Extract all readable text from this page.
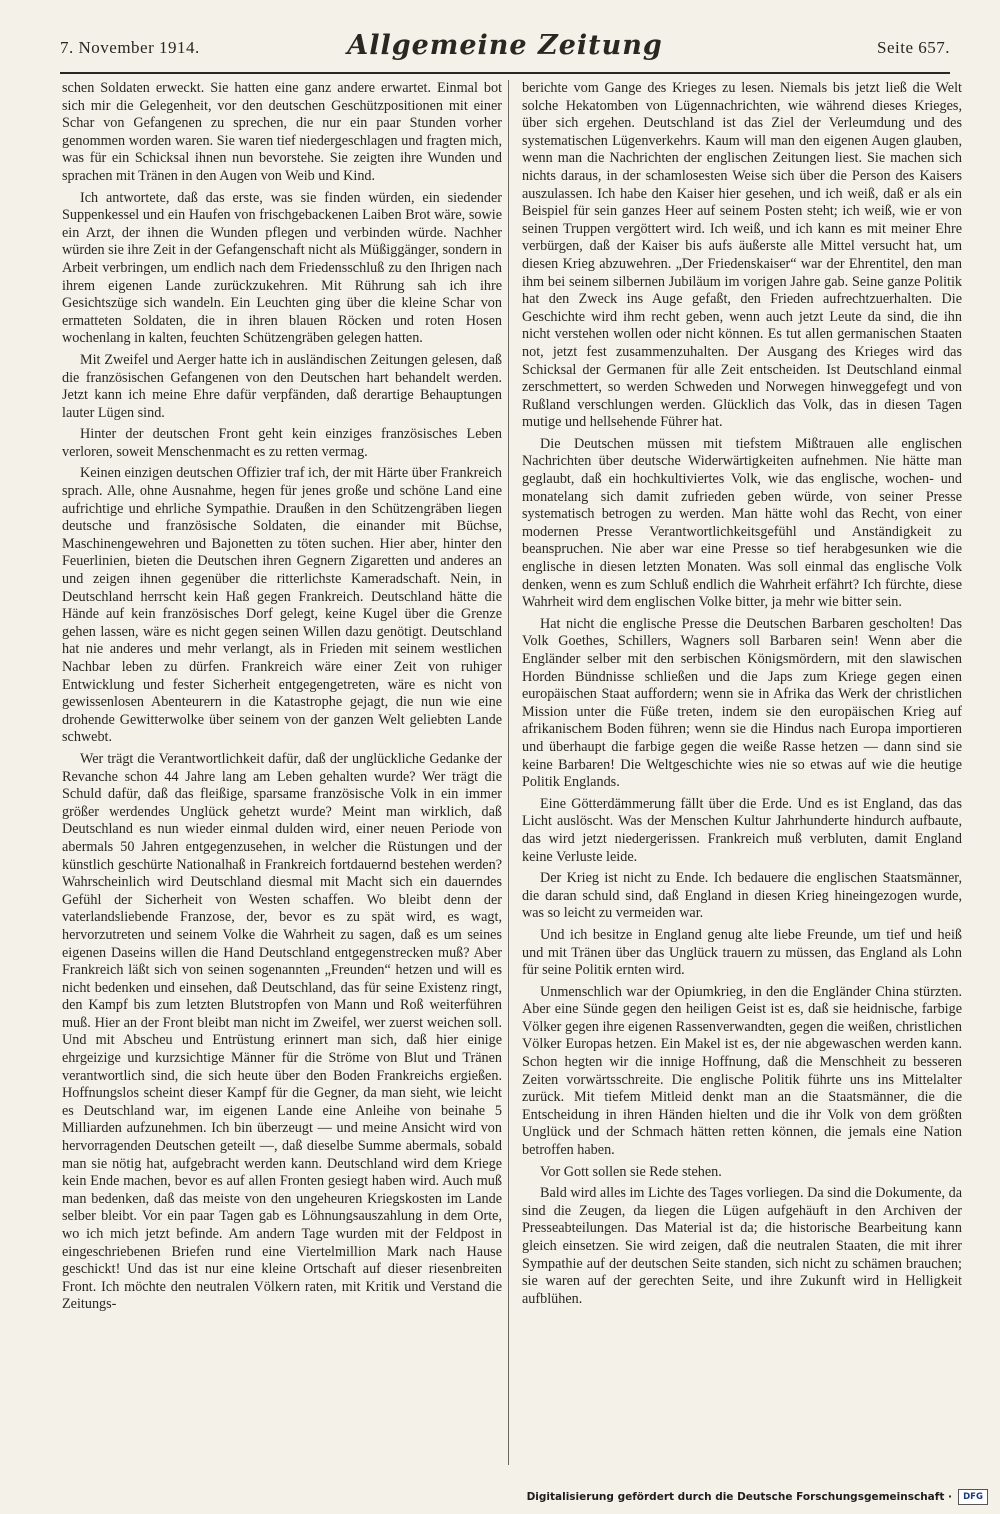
7. November 1914.	Allgemeine Zeitung	Seite 657.

schen Soldaten erweckt. Sie hatten eine ganz andere erwartet. Einmal bot sich mir die Gelegenheit, vor den deutschen Geschützpositionen mit einer Schar von Gefangenen zu sprechen, die nur ein paar Stunden vorher genommen worden waren. Sie waren tief niedergeschlagen und fragten mich, was für ein Schicksal ihnen nun bevorstehe. Sie zeigten ihre Wunden und sprachen mit Tränen in den Augen von Weib und Kind.

Ich antwortete, daß das erste, was sie finden würden, ein siedender Suppenkessel und ein Haufen von frischgebackenen Laiben Brot wäre, sowie ein Arzt, der ihnen die Wunden pflegen und verbinden würde. Nachher würden sie ihre Zeit in der Gefangenschaft nicht als Müßiggänger, sondern in Arbeit verbringen, um endlich nach dem Friedensschluß zu den Ihrigen nach ihrem eigenen Lande zurückzukehren. Mit Rührung sah ich ihre Gesichtszüge sich wandeln. Ein Leuchten ging über die kleine Schar von ermatteten Soldaten, die in ihren blauen Röcken und roten Hosen wochenlang in kalten, feuchten Schützengräben gelegen hatten.

Mit Zweifel und Aerger hatte ich in ausländischen Zeitungen gelesen, daß die französischen Gefangenen von den Deutschen hart behandelt werden. Jetzt kann ich meine Ehre dafür verpfänden, daß derartige Behauptungen lauter Lügen sind.

Hinter der deutschen Front geht kein einziges französisches Leben verloren, soweit Menschenmacht es zu retten vermag.

Keinen einzigen deutschen Offizier traf ich, der mit Härte über Frankreich sprach. Alle, ohne Ausnahme, hegen für jenes große und schöne Land eine aufrichtige und ehrliche Sympathie. Draußen in den Schützengräben liegen deutsche und französische Soldaten, die einander mit Büchse, Maschinengewehren und Bajonetten zu töten suchen. Hier aber, hinter den Feuerlinien, bieten die Deutschen ihren Gegnern Zigaretten und anderes an und zeigen ihnen gegenüber die ritterlichste Kameradschaft. Nein, in Deutschland herrscht kein Haß gegen Frankreich. Deutschland hätte die Hände auf kein französisches Dorf gelegt, keine Kugel über die Grenze gehen lassen, wäre es nicht gegen seinen Willen dazu genötigt. Deutschland hat nie anderes und mehr verlangt, als in Frieden mit seinem westlichen Nachbar leben zu dürfen. Frankreich wäre einer Zeit von ruhiger Entwicklung und fester Sicherheit entgegengetreten, wäre es nicht von gewissenlosen Abenteurern in die Katastrophe gejagt, die nun wie eine drohende Gewitterwolke über seinem von der ganzen Welt geliebten Lande schwebt.

Wer trägt die Verantwortlichkeit dafür, daß der unglückliche Gedanke der Revanche schon 44 Jahre lang am Leben gehalten wurde? Wer trägt die Schuld dafür, daß das fleißige, sparsame französische Volk in ein immer größer werdendes Unglück gehetzt wurde? Meint man wirklich, daß Deutschland es nun wieder einmal dulden wird, einer neuen Periode von abermals 50 Jahren entgegenzusehen, in welcher die Rüstungen und der künstlich geschürte Nationalhaß in Frankreich fortdauernd bestehen werden? Wahrscheinlich wird Deutschland diesmal mit Macht sich ein dauerndes Gefühl der Sicherheit von Westen schaffen. Wo bleibt denn der vaterlandsliebende Franzose, der, bevor es zu spät wird, es wagt, hervorzutreten und seinem Volke die Wahrheit zu sagen, daß es um seines eigenen Daseins willen die Hand Deutschland entgegenstrecken muß? Aber Frankreich läßt sich von seinen sogenannten „Freunden“ hetzen und will es nicht bedenken und einsehen, daß Deutschland, das für seine Existenz ringt, den Kampf bis zum letzten Blutstropfen von Mann und Roß weiterführen muß. Hier an der Front bleibt man nicht im Zweifel, wer zuerst weichen soll. Und mit Abscheu und Entrüstung erinnert man sich, daß hier einige ehrgeizige und kurzsichtige Männer für die Ströme von Blut und Tränen verantwortlich sind, die sich heute über den Boden Frankreichs ergießen. Hoffnungslos scheint dieser Kampf für die Gegner, da man sieht, wie leicht es Deutschland war, im eigenen Lande eine Anleihe von beinahe 5 Milliarden aufzunehmen. Ich bin überzeugt — und meine Ansicht wird von hervorragenden Deutschen geteilt —, daß dieselbe Summe abermals, sobald man sie nötig hat, aufgebracht werden kann. Deutschland wird dem Kriege kein Ende machen, bevor es auf allen Fronten gesiegt haben wird. Auch muß man bedenken, daß das meiste von den ungeheuren Kriegskosten im Lande selber bleibt. Vor ein paar Tagen gab es Löhnungsauszahlung in dem Orte, wo ich mich jetzt befinde. Am andern Tage wurden mit der Feldpost in eingeschriebenen Briefen rund eine Viertelmillion Mark nach Hause geschickt! Und das ist nur eine kleine Ortschaft auf dieser riesenbreiten Front. Ich möchte den neutralen Völkern raten, mit Kritik und Verstand die Zeitungs-

berichte vom Gange des Krieges zu lesen. Niemals bis jetzt ließ die Welt solche Hekatomben von Lügennachrichten, wie während dieses Krieges, über sich ergehen. Deutschland ist das Ziel der Verleumdung und des systematischen Lügenverkehrs. Kaum will man den eigenen Augen glauben, wenn man die Nachrichten der englischen Zeitungen liest. Sie machen sich nichts daraus, in der schamlosesten Weise sich über die Person des Kaisers auszulassen. Ich habe den Kaiser hier gesehen, und ich weiß, daß er als ein Beispiel für sein ganzes Heer auf seinem Posten steht; ich weiß, wie er von seinen Truppen vergöttert wird. Ich weiß, und ich kann es mit meiner Ehre verbürgen, daß der Kaiser bis aufs äußerste alle Mittel versucht hat, um diesen Krieg abzuwehren. „Der Friedenskaiser“ war der Ehrentitel, den man ihm bei seinem silbernen Jubiläum im vorigen Jahre gab. Seine ganze Politik hat den Zweck ins Auge gefaßt, den Frieden aufrechtzuerhalten. Die Geschichte wird ihm recht geben, wenn auch jetzt Leute da sind, die ihn nicht verstehen wollen oder nicht können. Es tut allen germanischen Staaten not, jetzt fest zusammenzuhalten. Der Ausgang des Krieges wird das Schicksal der Germanen für alle Zeit entscheiden. Ist Deutschland einmal zerschmettert, so werden Schweden und Norwegen hinweggefegt und von Rußland verschlungen werden. Glücklich das Volk, das in diesen Tagen mutige und hellsehende Führer hat.

Die Deutschen müssen mit tiefstem Mißtrauen alle englischen Nachrichten über deutsche Widerwärtigkeiten aufnehmen. Nie hätte man geglaubt, daß ein hochkultiviertes Volk, wie das englische, wochen- und monatelang sich damit zufrieden geben würde, von seiner Presse systematisch betrogen zu werden. Man hätte wohl das Recht, von einer modernen Presse Verantwortlichkeitsgefühl und Anständigkeit zu beanspruchen. Nie aber war eine Presse so tief herabgesunken wie die englische in diesen letzten Monaten. Was soll einmal das englische Volk denken, wenn es zum Schluß endlich die Wahrheit erfährt? Ich fürchte, diese Wahrheit wird dem englischen Volke bitter, ja mehr wie bitter sein.

Hat nicht die englische Presse die Deutschen Barbaren gescholten! Das Volk Goethes, Schillers, Wagners soll Barbaren sein! Wenn aber die Engländer selber mit den serbischen Königsmördern, mit den slawischen Horden Bündnisse schließen und die Japs zum Kriege gegen einen europäischen Staat auffordern; wenn sie in Afrika das Werk der christlichen Mission unter die Füße treten, indem sie den europäischen Krieg auf afrikanischem Boden führen; wenn sie die Hindus nach Europa importieren und überhaupt die farbige gegen die weiße Rasse hetzen — dann sind sie keine Barbaren! Die Weltgeschichte wies nie so etwas auf wie die heutige Politik Englands.

Eine Götterdämmerung fällt über die Erde. Und es ist England, das das Licht auslöscht. Was der Menschen Kultur Jahrhunderte hindurch aufbaute, das wird jetzt niedergerissen. Frankreich muß verbluten, damit England keine Verluste leide.

Der Krieg ist nicht zu Ende. Ich bedauere die englischen Staatsmänner, die daran schuld sind, daß England in diesen Krieg hineingezogen wurde, was so leicht zu vermeiden war.

Und ich besitze in England genug alte liebe Freunde, um tief und heiß und mit Tränen über das Unglück trauern zu müssen, das England als Lohn für seine Politik ernten wird.

Unmenschlich war der Opiumkrieg, in den die Engländer China stürzten. Aber eine Sünde gegen den heiligen Geist ist es, daß sie heidnische, farbige Völker gegen ihre eigenen Rassenverwandten, gegen die weißen, christlichen Völker Europas hetzen. Ein Makel ist es, der nie abgewaschen werden kann. Schon hegten wir die innige Hoffnung, daß die Menschheit zu besseren Zeiten vorwärtsschreite. Die englische Politik führte uns ins Mittelalter zurück. Mit tiefem Mitleid denkt man an die Staatsmänner, die die Entscheidung in ihren Händen hielten und die ihr Volk von dem größten Unglück und der Schmach hätten retten können, die jemals eine Nation betroffen haben.

Vor Gott sollen sie Rede stehen.

Bald wird alles im Lichte des Tages vorliegen. Da sind die Dokumente, da sind die Zeugen, da liegen die Lügen aufgehäuft in den Archiven der Presseabteilungen. Das Material ist da; die historische Bearbeitung kann gleich einsetzen. Sie wird zeigen, daß die neutralen Staaten, die mit ihrer Sympathie auf der deutschen Seite standen, sich nicht zu schämen brauchen; sie waren auf der gerechten Seite, und ihre Zukunft wird in Helligkeit aufblühen.

Digitalisierung gefördert durch die Deutsche Forschungsgemeinschaft ·	DFG
